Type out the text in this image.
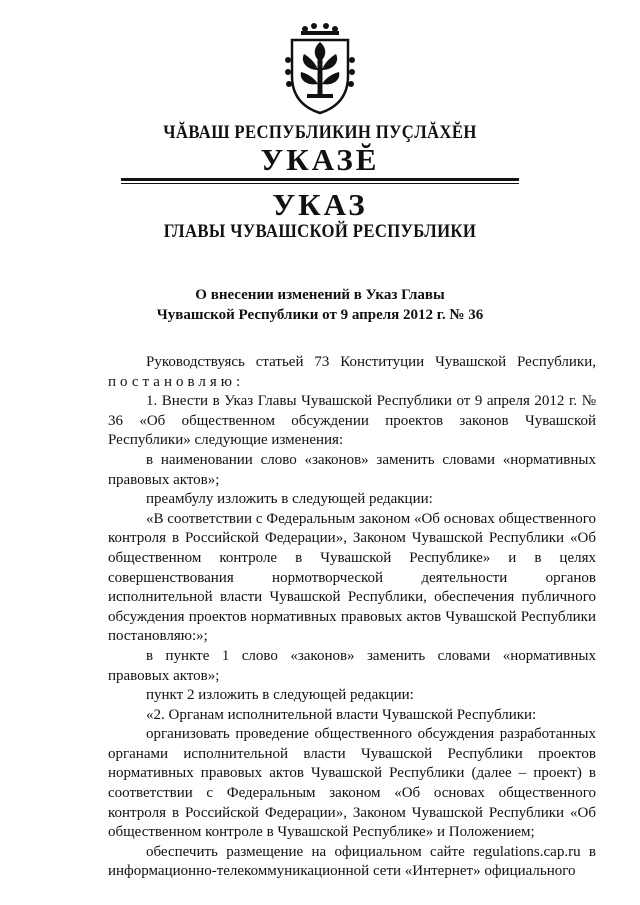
ЧĂВАШ РЕСПУБЛИКИН ПУÇЛĂХĔН
УКАЗĔ
УКАЗ
ГЛАВЫ ЧУВАШСКОЙ РЕСПУБЛИКИ
О внесении изменений в Указ Главы
Чувашской Республики от 9 апреля 2012 г. № 36

Руководствуясь статьей 73 Конституции Чувашской Республики, постановляю:

1. Внести в Указ Главы Чувашской Республики от 9 апреля 2012 г. № 36 «Об общественном обсуждении проектов законов Чувашской Республики» следующие изменения:

в наименовании слово «законов» заменить словами «нормативных правовых актов»;

преамбулу изложить в следующей редакции:

«В соответствии с Федеральным законом «Об основах общественного контроля в Российской Федерации», Законом Чувашской Республики «Об общественном контроле в Чувашской Республике» и в целях совершенствования нормотворческой деятельности органов исполнительной власти Чувашской Республики, обеспечения публичного обсуждения проектов нормативных правовых актов Чувашской Республики постановляю:»;

в пункте 1 слово «законов» заменить словами «нормативных правовых актов»;

пункт 2 изложить в следующей редакции:

«2. Органам исполнительной власти Чувашской Республики:

организовать проведение общественного обсуждения разработанных органами исполнительной власти Чувашской Республики проектов нормативных правовых актов Чувашской Республики (далее – проект) в соответствии с Федеральным законом «Об основах общественного контроля в Российской Федерации», Законом Чувашской Республики «Об общественном контроле в Чувашской Республике» и Положением;

обеспечить размещение на официальном сайте regulations.cap.ru в информационно-телекоммуникационной сети «Интернет» официального
